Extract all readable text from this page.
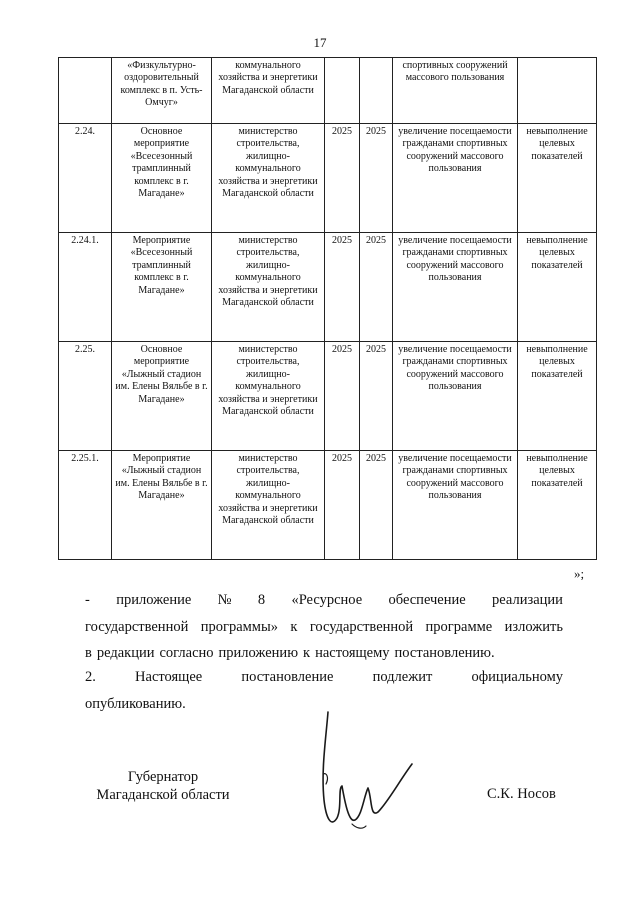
17
	«Физкультурно-оздоровительный комплекс в п. Усть-Омчуг»	коммунального хозяйства и энергетики Магаданской области			спортивных сооружений массового пользования	
2.24.	Основное мероприятие «Всесезонный трамплинный комплекс в г. Магадане»	министерство строительства, жилищно-коммунального хозяйства и энергетики Магаданской области	2025	2025	увеличение посещаемости гражданами спортивных сооружений массового пользования	невыполнение целевых показателей
2.24.1.	Мероприятие «Всесезонный трамплинный комплекс в г. Магадане»	министерство строительства, жилищно-коммунального хозяйства и энергетики Магаданской области	2025	2025	увеличение посещаемости гражданами спортивных сооружений массового пользования	невыполнение целевых показателей
2.25.	Основное мероприятие «Лыжный стадион им. Елены Вяльбе в г. Магадане»	министерство строительства, жилищно-коммунального хозяйства и энергетики Магаданской области	2025	2025	увеличение посещаемости гражданами спортивных сооружений массового пользования	невыполнение целевых показателей
2.25.1.	Мероприятие «Лыжный стадион им. Елены Вяльбе в г. Магадане»	министерство строительства, жилищно-коммунального хозяйства и энергетики Магаданской области	2025	2025	увеличение посещаемости гражданами спортивных сооружений массового пользования	невыполнение целевых показателей
»;
- приложение № 8 «Ресурсное обеспечение реализации
государственной программы» к государственной программе изложить
в редакции согласно приложению к настоящему постановлению.
2.	Настоящее	постановление	подлежит	официальному
опубликованию.
Губернатор
Магаданской области	С.К. Носов
